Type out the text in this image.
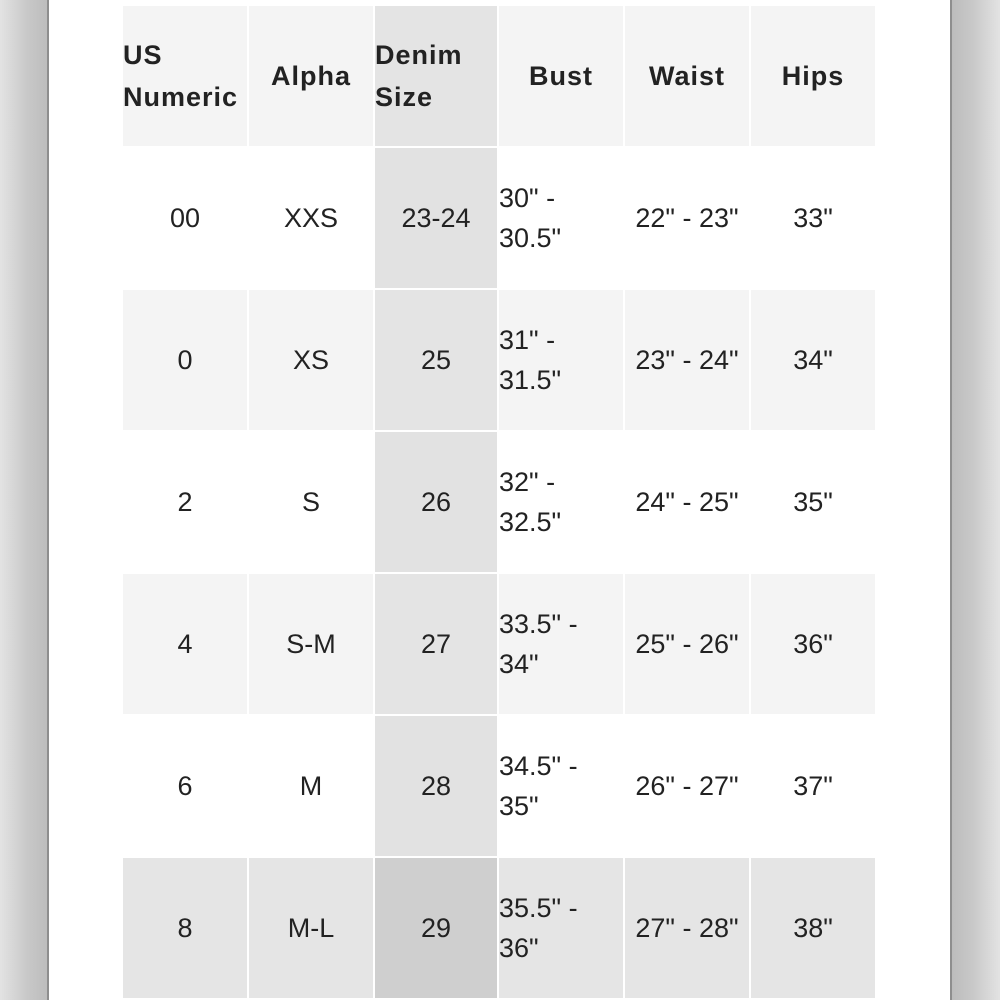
US Numeric	Alpha	Denim Size	Bust	Waist	Hips
00	XXS	23-24	30" - 30.5"	22" - 23"	33"
0	XS	25	31" - 31.5"	23" - 24"	34"
2	S	26	32" - 32.5"	24" - 25"	35"
4	S-M	27	33.5" - 34"	25" - 26"	36"
6	M	28	34.5" - 35"	26" - 27"	37"
8	M-L	29	35.5" - 36"	27" - 28"	38"
